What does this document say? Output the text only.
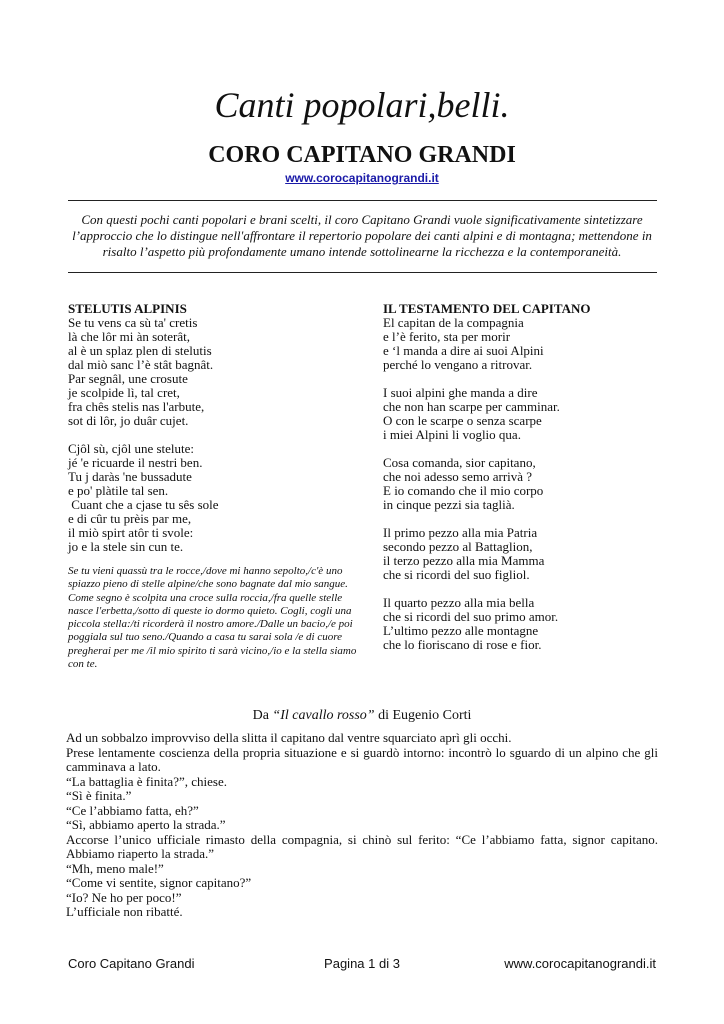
Canti popolari,belli.
CORO CAPITANO GRANDI
www.corocapitanograndi.it
Con questi pochi canti popolari e brani scelti, il coro Capitano Grandi vuole significativamente sintetizzare l’approccio che lo distingue nell'affrontare il repertorio popolare dei canti alpini e di montagna; mettendone in risalto l’aspetto più profondamente umano intende sottolinearne la ricchezza e la contemporaneità.
STELUTIS ALPINIS
Se tu vens ca sù ta' cretis
là che lôr mi àn soterât,
al è un splaz plen di stelutis
dal miò sanc l’è stât bagnât.
Par segnâl, une crosute
je scolpide lì, tal cret,
fra chês stelis nas l'arbute,
sot di lôr, jo duâr cujet.
Cjôl sù, cjôl une stelute:
jé 'e ricuarde il nestri ben.
Tu j daràs 'ne bussadute
e po' plàtile tal sen.
Cuant che a cjase tu sês sole
e di cûr tu prèis par me,
il miò spirt atôr ti svole:
jo e la stele sin cun te.
Se tu vieni quassù tra le rocce,/dove mi hanno sepolto,/c'è uno spiazzo pieno di stelle alpine/che sono bagnate dal mio sangue. Come segno è scolpita una croce sulla roccia,/fra quelle stelle nasce l'erbetta,/sotto di queste io dormo quieto. Cogli, cogli una piccola stella:/ti ricorderà il nostro amore./Dalle un bacio,/e poi poggiala sul tuo seno./Quando a casa tu sarai sola /e di cuore pregherai per me /il mio spirito ti sarà vicino,/io e la stella siamo con te.
IL TESTAMENTO DEL CAPITANO
El capitan de la compagnia
e l’è ferito, sta per morir
e ‘l manda a dire ai suoi Alpini
perché lo vengano a ritrovar.
I suoi alpini ghe manda a dire
che non han scarpe per camminar.
O con le scarpe o senza scarpe
i miei Alpini li voglio qua.
Cosa comanda, sior capitano,
che noi adesso semo arrivà ?
E io comando che il mio corpo
in cinque pezzi sia taglià.
Il primo pezzo alla mia Patria
secondo pezzo al Battaglion,
il terzo pezzo alla mia Mamma
che si ricordi del suo figliol.
Il quarto pezzo alla mia bella
che si ricordi del suo primo amor.
L’ultimo pezzo alle montagne
che lo fioriscano di rose e fior.
Da “Il cavallo rosso” di Eugenio Corti

Ad un sobbalzo improvviso della slitta il capitano dal ventre squarciato aprì gli occhi.

Prese lentamente coscienza della propria situazione e si guardò intorno: incontrò lo sguardo di un alpino che gli camminava a lato.

“La battaglia è finita?”, chiese.

“Sì è finita.”

“Ce l’abbiamo fatta, eh?”

“Sì, abbiamo aperto la strada.”

Accorse l’unico ufficiale rimasto della compagnia, si chinò sul ferito: “Ce l’abbiamo fatta, signor capitano. Abbiamo riaperto la strada.”

“Mh, meno male!”

“Come vi sentite, signor capitano?”

“Io? Ne ho per poco!”

L’ufficiale non ribatté.

Coro Capitano Grandi	Pagina 1 di 3	www.corocapitanograndi.it
